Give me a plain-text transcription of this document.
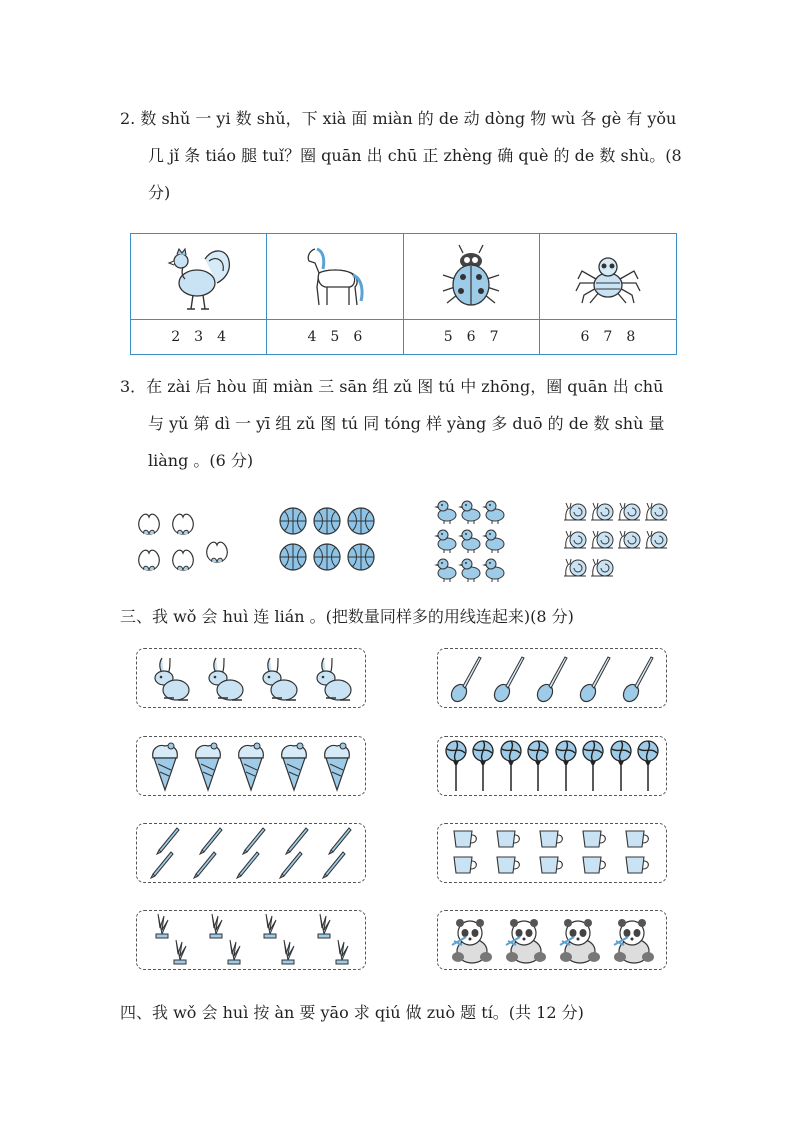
2. 数 shǔ 一 yi 数 shǔ，下 xià 面 miàn 的 de 动 dòng 物 wù 各 gè 有 yǒu
几 jǐ 条 tiáo 腿 tuǐ？圈 quān 出 chū 正 zhèng 确 què 的 de 数 shù。(8
分)
2 3 4	4 5 6	5 6 7	6 7 8
3．在 zài 后 hòu 面 miàn 三 sān 组 zǔ 图 tú 中 zhōng，圈 quān 出 chū
与 yǔ 第 dì 一 yī 组 zǔ 图 tú 同 tóng 样 yàng 多 duō 的 de 数 shù 量
liàng 。(6 分)
三、我 wǒ 会 huì 连 lián 。(把数量同样多的用线连起来)(8 分)
四、我 wǒ 会 huì 按 àn 要 yāo 求 qiú 做 zuò 题 tí。(共 12 分)
